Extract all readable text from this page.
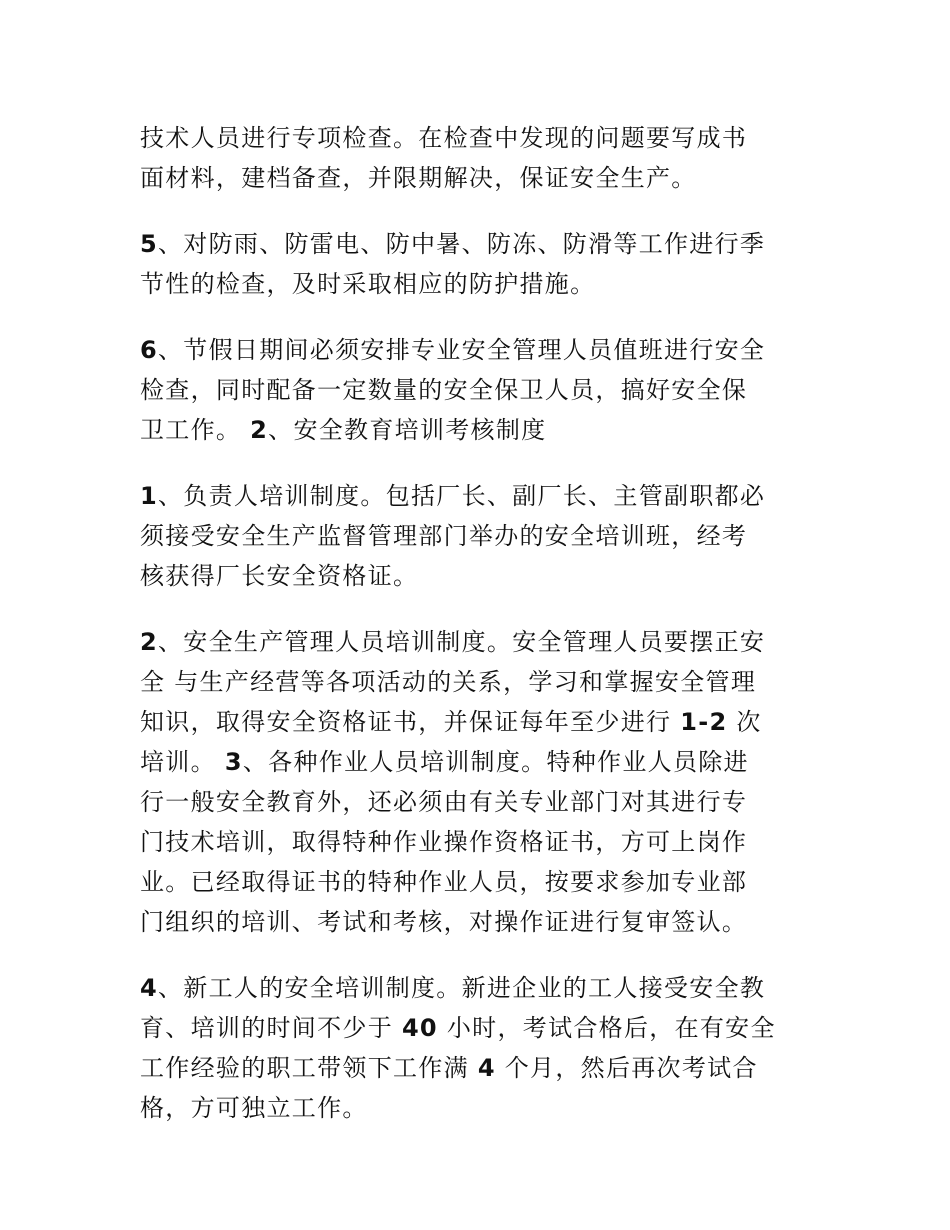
技术人员进行专项检查。在检查中发现的问题要写成书
面材料，建档备查，并限期解决，保证安全生产。

5、对防雨、防雷电、防中暑、防冻、防滑等工作进行季
节性的检查，及时采取相应的防护措施。

6、节假日期间必须安排专业安全管理人员值班进行安全
检查，同时配备一定数量的安全保卫人员，搞好安全保
卫工作。 2、安全教育培训考核制度

1、负责人培训制度。包括厂长、副厂长、主管副职都必
须接受安全生产监督管理部门举办的安全培训班，经考
核获得厂长安全资格证。

2、安全生产管理人员培训制度。安全管理人员要摆正安
全 与生产经营等各项活动的关系，学习和掌握安全管理
知识，取得安全资格证书，并保证每年至少进行 1-2 次
培训。 3、各种作业人员培训制度。特种作业人员除进
行一般安全教育外，还必须由有关专业部门对其进行专
门技术培训，取得特种作业操作资格证书，方可上岗作
业。已经取得证书的特种作业人员，按要求参加专业部
门组织的培训、考试和考核，对操作证进行复审签认。

4、新工人的安全培训制度。新进企业的工人接受安全教
育、培训的时间不少于 40 小时，考试合格后，在有安全
工作经验的职工带领下工作满 4 个月，然后再次考试合
格，方可独立工作。
